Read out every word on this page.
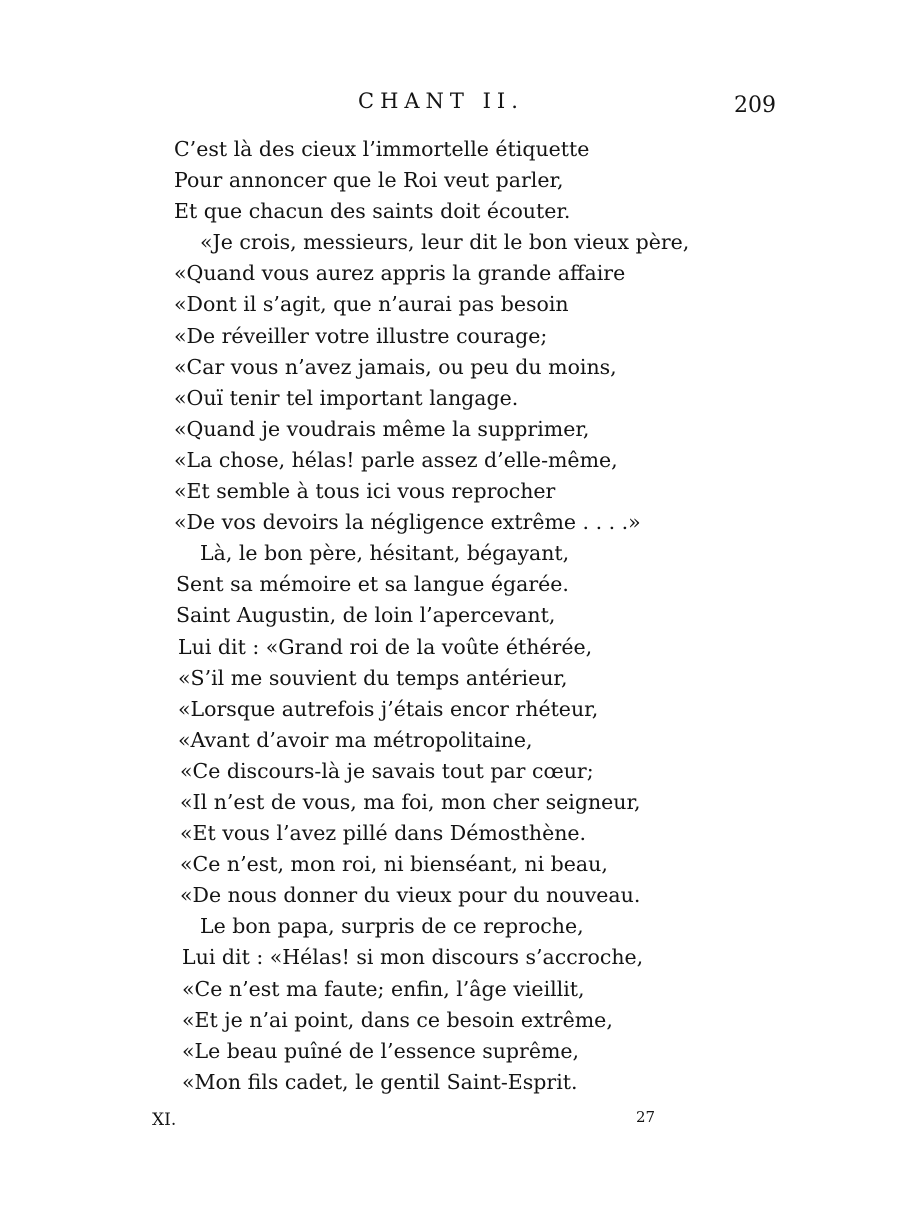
CHANT II.	209
C’est là des cieux l’immortelle étiquette
Pour annoncer que le Roi veut parler,
Et que chacun des saints doit écouter.
«Je crois, messieurs, leur dit le bon vieux père,
«Quand vous aurez appris la grande affaire
«Dont il s’agit, que n’aurai pas besoin
«De réveiller votre illustre courage;
«Car vous n’avez jamais, ou peu du moins,
«Ouï tenir tel important langage.
«Quand je voudrais même la supprimer,
«La chose, hélas! parle assez d’elle-même,
«Et semble à tous ici vous reprocher
«De vos devoirs la négligence extrême . . . .»
Là, le bon père, hésitant, bégayant,
Sent sa mémoire et sa langue égarée.
Saint Augustin, de loin l’apercevant,
Lui dit : «Grand roi de la voûte éthérée,
«S’il me souvient du temps antérieur,
«Lorsque autrefois j’étais encor rhéteur,
«Avant d’avoir ma métropolitaine,
«Ce discours-là je savais tout par cœur;
«Il n’est de vous, ma foi, mon cher seigneur,
«Et vous l’avez pillé dans Démosthène.
«Ce n’est, mon roi, ni bienséant, ni beau,
«De nous donner du vieux pour du nouveau.
Le bon papa, surpris de ce reproche,
Lui dit : «Hélas! si mon discours s’accroche,
«Ce n’est ma faute; enfin, l’âge vieillit,
«Et je n’ai point, dans ce besoin extrême,
«Le beau puîné de l’essence suprême,
«Mon fils cadet, le gentil Saint-Esprit.
XI.	27
